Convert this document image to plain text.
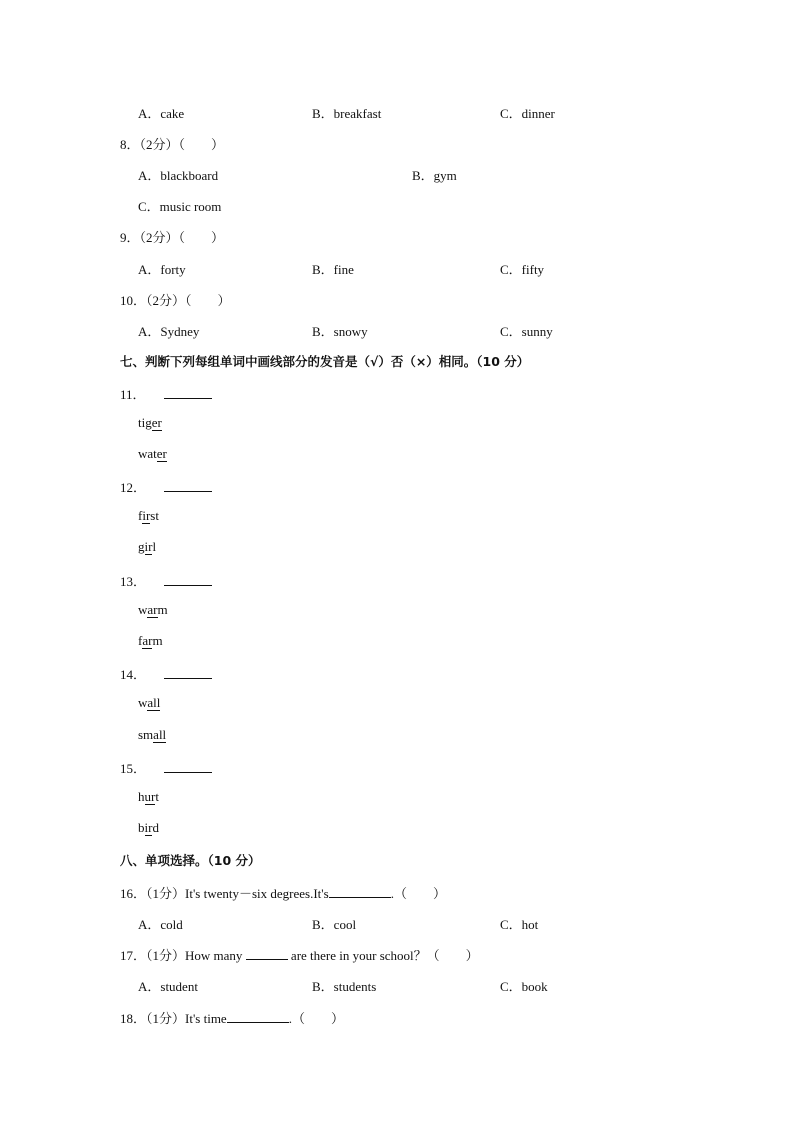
A．cake	B．breakfast	C．dinner
8．（2分）（　　）
A．blackboard	B．gym
C．music room
9．（2分）（　　）
A．forty	B．fine	C．fifty
10．（2分）（　　）
A．Sydney	B．snowy	C．sunny
七、判断下列每组单词中画线部分的发音是（√）否（×）相同。（10 分）
11．
tiger
water
12．
first
girl
13．
warm
farm
14．
wall
small
15．
hurt
bird
八、单项选择。（10 分）
16．（1分）It's twenty－six degrees.It's	.（　　）
A．cold	B．cool	C．hot
17．（1分）How many	are there in your school？（　　）
A．student	B．students	C．book
18．（1分）It's time	.（　　）
